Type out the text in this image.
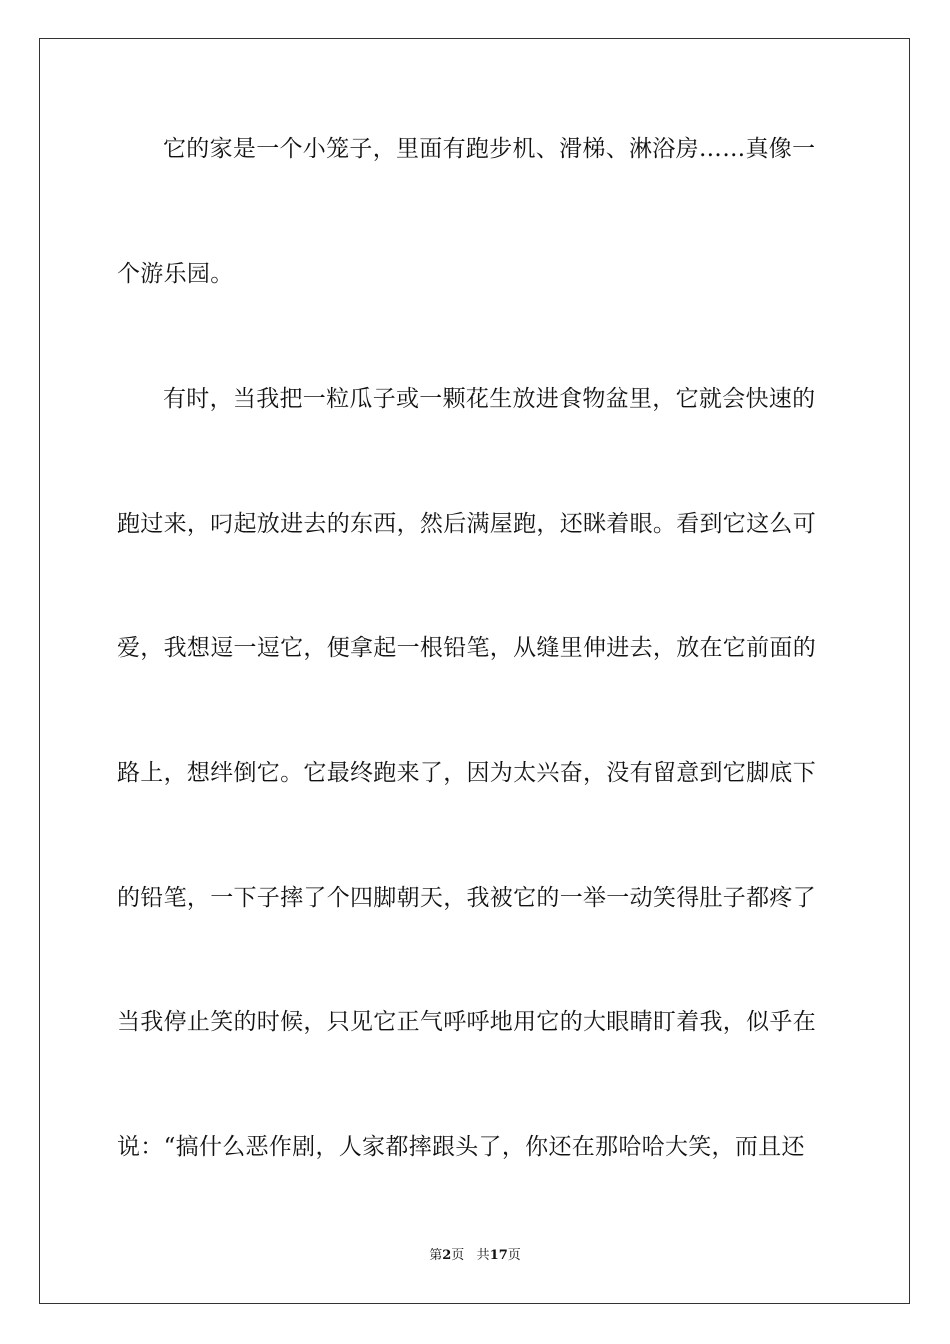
它的家是一个小笼子，里面有跑步机、滑梯、淋浴房……真像一
个游乐园。
有时，当我把一粒瓜子或一颗花生放进食物盆里，它就会快速的
跑过来，叼起放进去的东西，然后满屋跑，还眯着眼。看到它这么可
爱，我想逗一逗它，便拿起一根铅笔，从缝里伸进去，放在它前面的
路上，想绊倒它。它最终跑来了，因为太兴奋，没有留意到它脚底下
的铅笔，一下子摔了个四脚朝天，我被它的一举一动笑得肚子都疼了
当我停止笑的时候，只见它正气呼呼地用它的大眼睛盯着我，似乎在
说：“搞什么恶作剧，人家都摔跟头了，你还在那哈哈大笑，而且还
第2页 共17页
